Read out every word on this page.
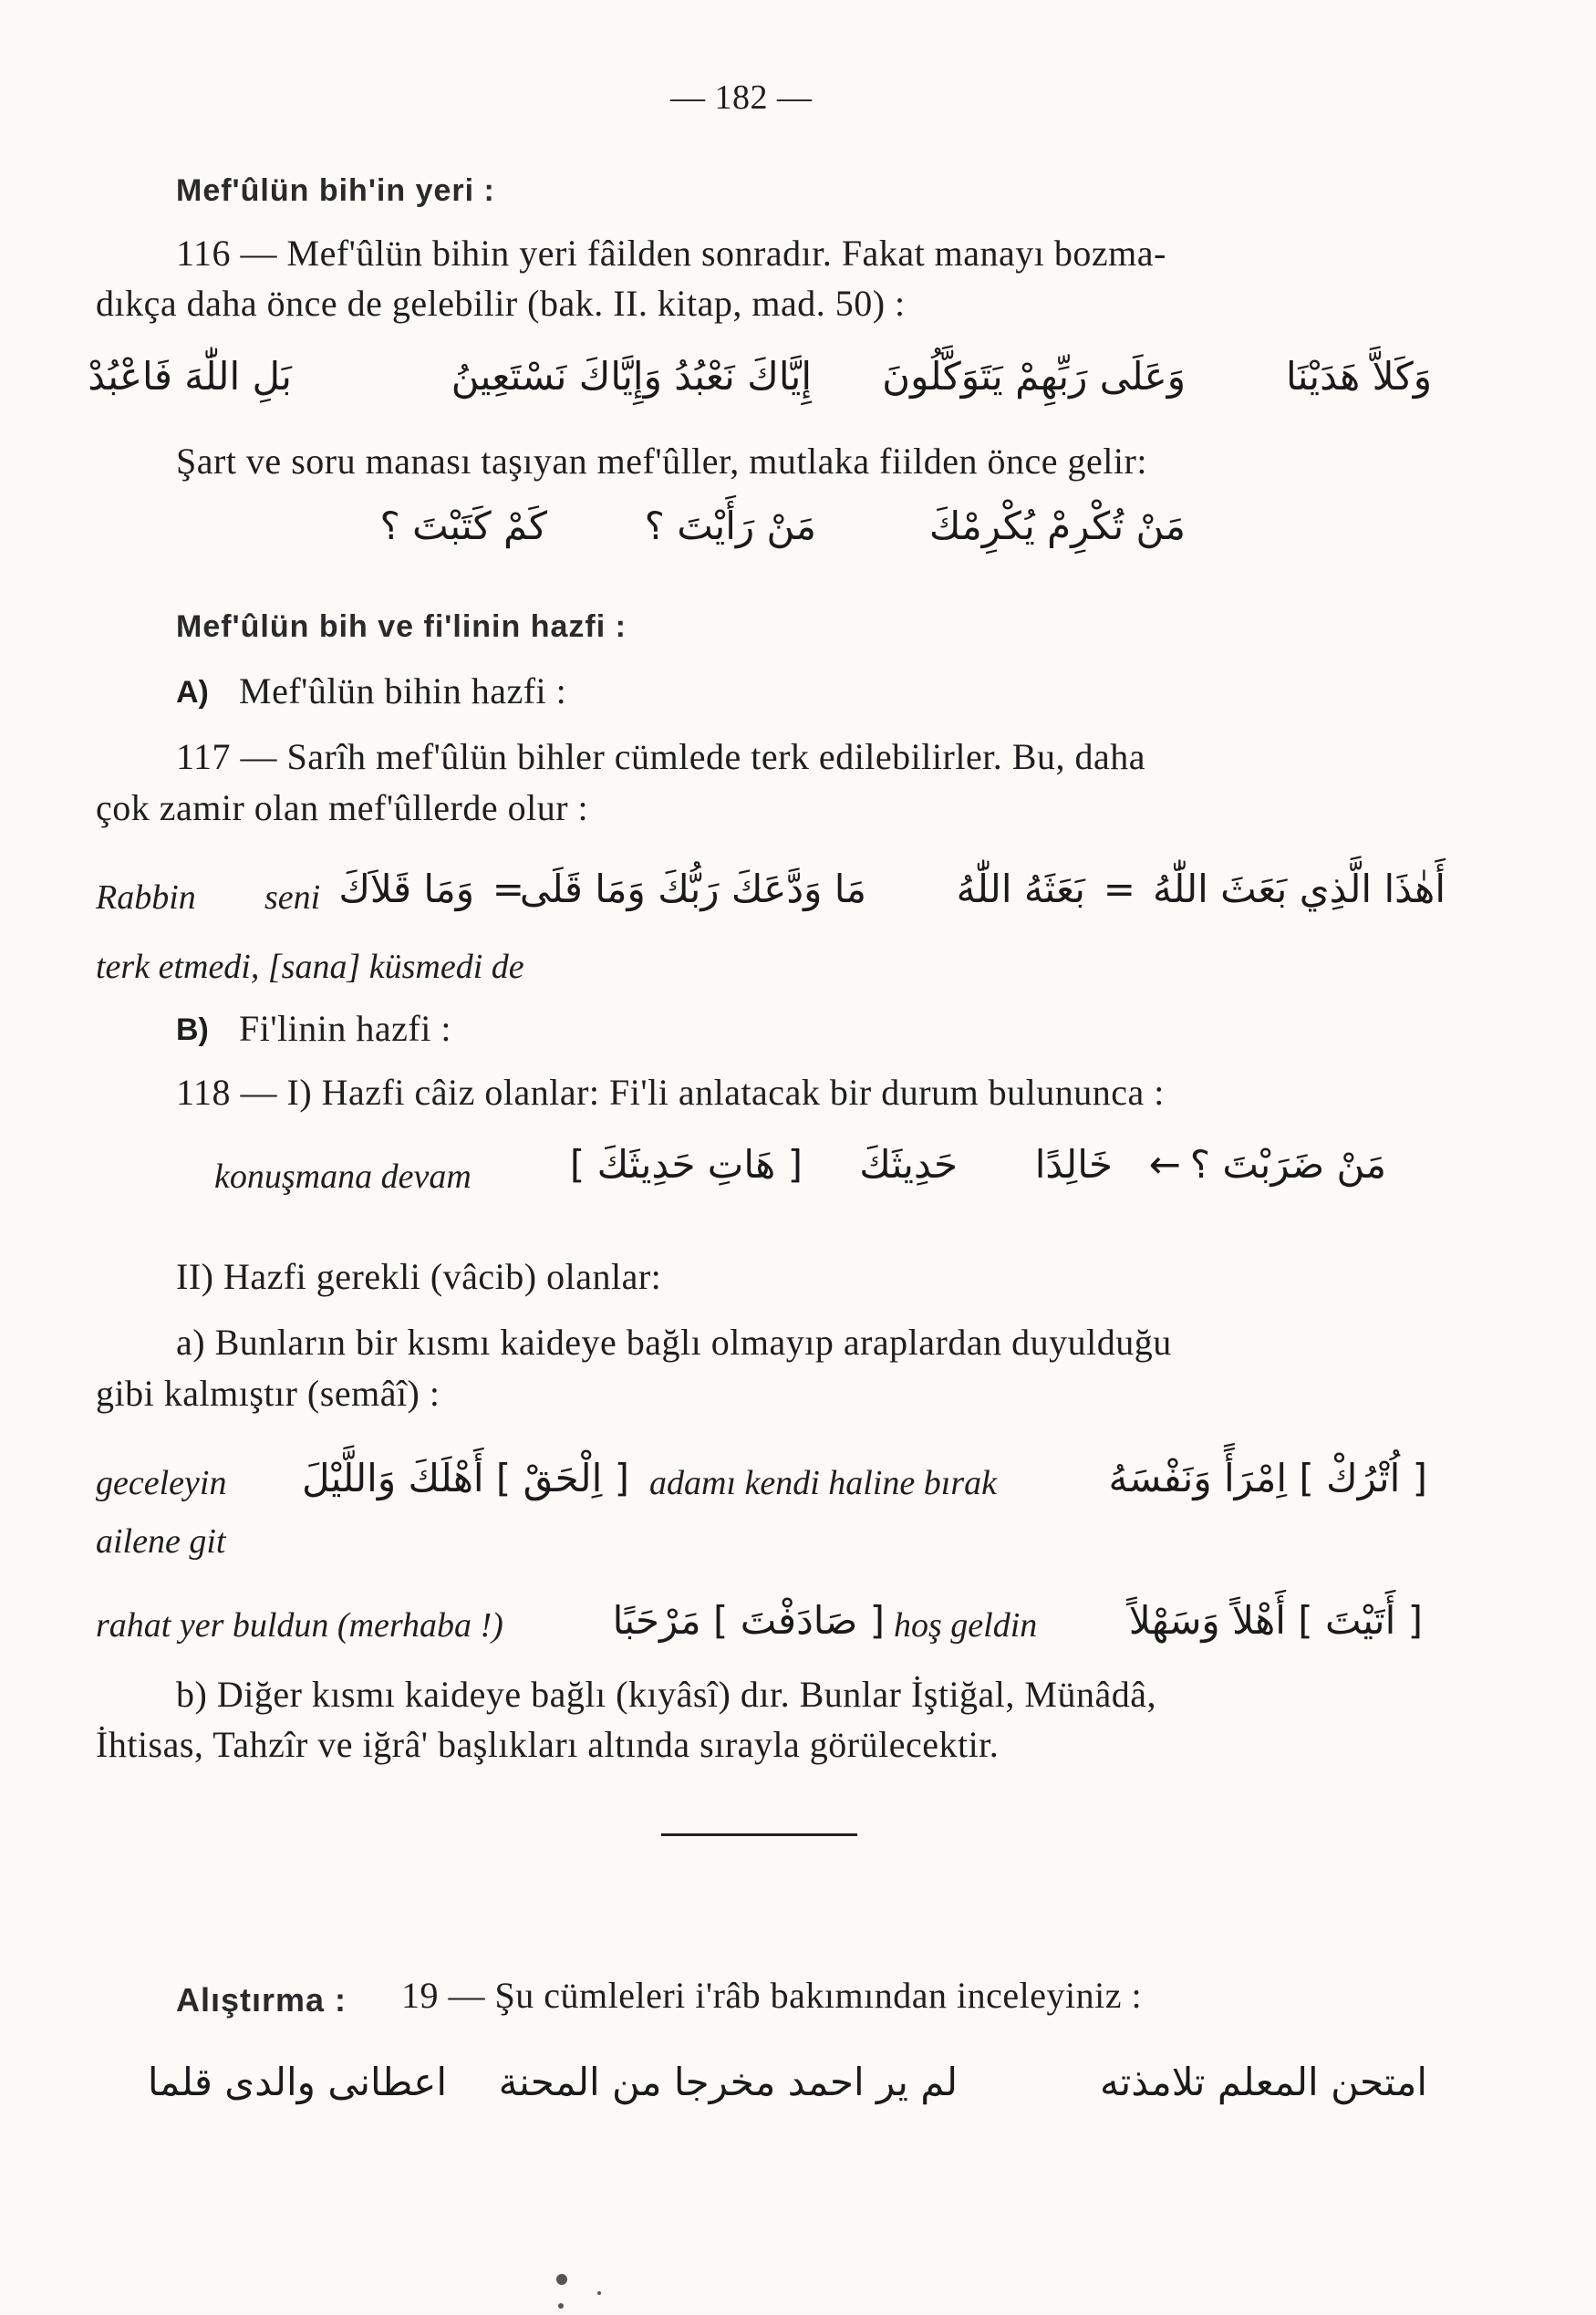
— 182 —
Mef'ûlün bih'in yeri :
116 — Mef'ûlün bihin yeri fâilden sonradır. Fakat manayı bozma-
dıkça daha önce de gelebilir (bak. II. kitap, mad. 50) :
وَكَلاَّ هَدَيْنَا
وَعَلَى رَبِّهِمْ يَتَوَكَّلُونَ
إِيَّاكَ نَعْبُدُ وَإِيَّاكَ نَسْتَعِينُ
بَلِ اللّٰهَ فَاعْبُدْ
Şart ve soru manası taşıyan mef'ûller, mutlaka fiilden önce gelir:
مَنْ تُكْرِمْ يُكْرِمْكَ
مَنْ رَأَيْتَ ؟
كَمْ كَتَبْتَ ؟
Mef'ûlün bih ve fi'linin hazfi :
A) Mef'ûlün bihin hazfi :
117 — Sarîh mef'ûlün bihler cümlede terk edilebilirler. Bu, daha
çok zamir olan mef'ûllerde olur :
أَهٰذَا الَّذِي بَعَثَ اللّٰهُ
=
بَعَثَهُ اللّٰهُ
مَا وَدَّعَكَ رَبُّكَ وَمَا قَلَى
=
وَمَا قَلاَكَ
Rabbin seni
terk etmedi, [sana] küsmedi de
B) Fi'linin hazfi :
118 — I) Hazfi câiz olanlar: Fi'li anlatacak bir durum bulununca :
مَنْ ضَرَبْتَ ؟
←
خَالِدًا
حَدِيثَكَ
[ هَاتِ حَدِيثَكَ ]
konuşmana devam
II) Hazfi gerekli (vâcib) olanlar:
a) Bunların bir kısmı kaideye bağlı olmayıp araplardan duyulduğu
gibi kalmıştır (semâî) :
[ اُتْرُكْ ] اِمْرَأً وَنَفْسَهُ
adamı kendi haline bırak
[ اِلْحَقْ ] أَهْلَكَ وَاللَّيْلَ
geceleyin
ailene git
[ أَتَيْتَ ] أَهْلاً وَسَهْلاً
hoş geldin
[ صَادَفْتَ ] مَرْحَبًا
rahat yer buldun (merhaba !)
b) Diğer kısmı kaideye bağlı (kıyâsî) dır. Bunlar İştiğal, Münâdâ,
İhtisas, Tahzîr ve iğrâ' başlıkları altında sırayla görülecektir.
Alıştırma : 19 — Şu cümleleri i'râb bakımından inceleyiniz :
امتحن المعلم تلامذته
لم ير احمد مخرجا من المحنة
اعطانى والدى قلما
